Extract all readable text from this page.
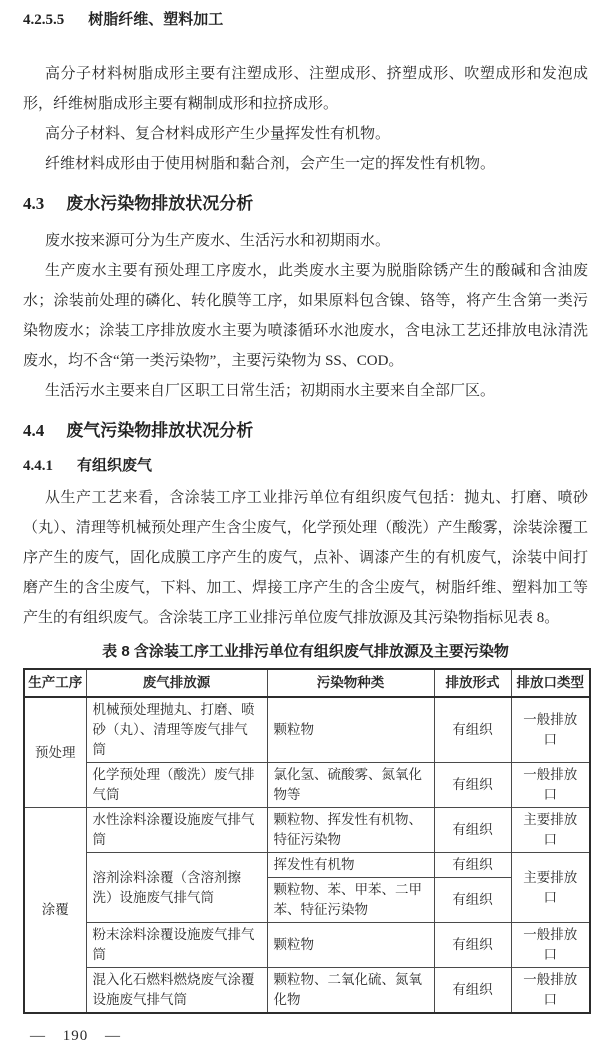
4.2.5.5 树脂纤维、塑料加工

高分子材料树脂成形主要有注塑成形、注塑成形、挤塑成形、吹塑成形和发泡成形，纤维树脂成形主要有糊制成形和拉挤成形。

高分子材料、复合材料成形产生少量挥发性有机物。

纤维材料成形由于使用树脂和黏合剂，会产生一定的挥发性有机物。

4.3 废水污染物排放状况分析

废水按来源可分为生产废水、生活污水和初期雨水。

生产废水主要有预处理工序废水，此类废水主要为脱脂除锈产生的酸碱和含油废水；涂装前处理的磷化、转化膜等工序，如果原料包含镍、铬等，将产生含第一类污染物废水；涂装工序排放废水主要为喷漆循环水池废水，含电泳工艺还排放电泳清洗废水，均不含“第一类污染物”，主要污染物为 SS、COD。

生活污水主要来自厂区职工日常生活；初期雨水主要来自全部厂区。

4.4 废气污染物排放状况分析
4.4.1 有组织废气

从生产工艺来看，含涂装工序工业排污单位有组织废气包括：抛丸、打磨、喷砂（丸）、清理等机械预处理产生含尘废气，化学预处理（酸洗）产生酸雾，涂装涂覆工序产生的废气，固化成膜工序产生的废气，点补、调漆产生的有机废气，涂装中间打磨产生的含尘废气，下料、加工、焊接工序产生的含尘废气，树脂纤维、塑料加工等产生的有组织废气。含涂装工序工业排污单位废气排放源及其污染物指标见表 8。

表 8 含涂装工序工业排污单位有组织废气排放源及主要污染物
生产工序	废气排放源	污染物种类	排放形式	排放口类型
预处理	机械预处理抛丸、打磨、喷砂（丸）、清理等废气排气筒	颗粒物	有组织	一般排放口
	化学预处理（酸洗）废气排气筒	氯化氢、硫酸雾、氮氧化物等	有组织	一般排放口
涂覆	水性涂料涂覆设施废气排气筒	颗粒物、挥发性有机物、特征污染物	有组织	主要排放口
	溶剂涂料涂覆（含溶剂擦洗）设施废气排气筒	挥发性有机物	有组织	主要排放口
		颗粒物、苯、甲苯、二甲苯、特征污染物	有组织	
	粉末涂料涂覆设施废气排气筒	颗粒物	有组织	一般排放口
	混入化石燃料燃烧废气涂覆设施废气排气筒	颗粒物、二氧化硫、氮氧化物	有组织	一般排放口
— 190 —
